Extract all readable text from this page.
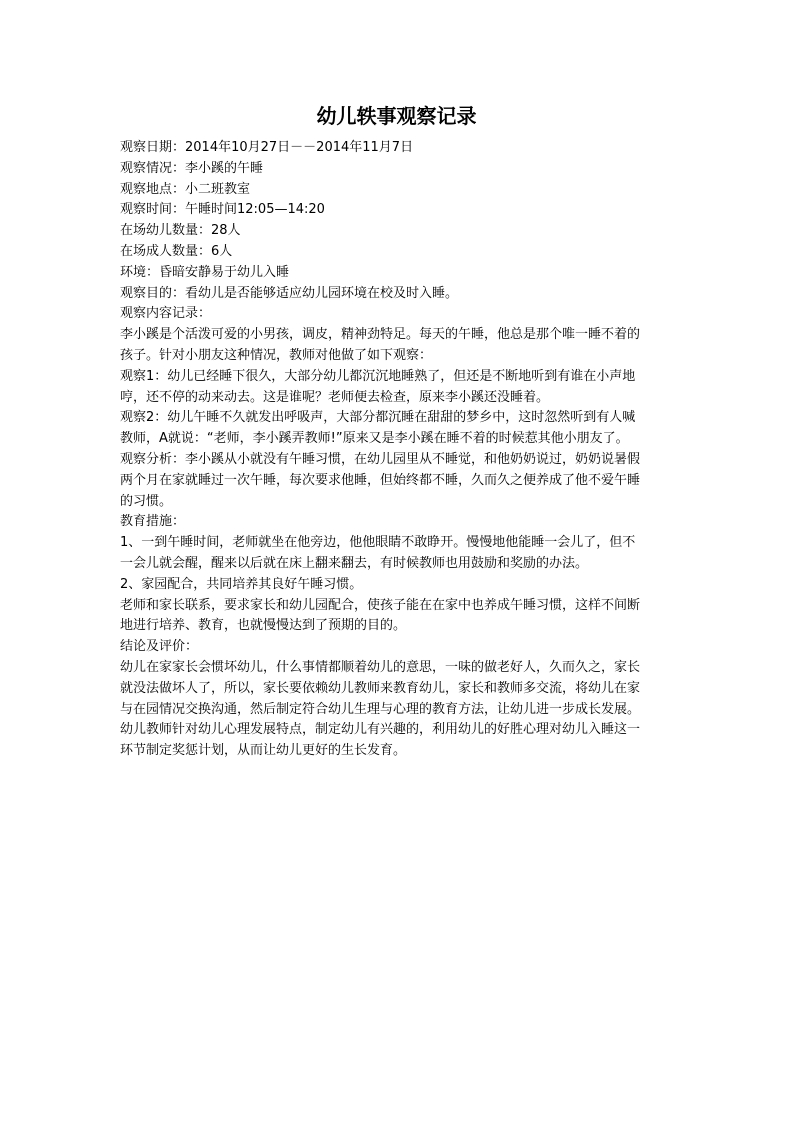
幼儿轶事观察记录

观察日期：2014年10月27日－－2014年11月7日

观察情况：李小蹊的午睡

观察地点：小二班教室

观察时间：午睡时间12:05—14:20

在场幼儿数量：28人

在场成人数量：6人

环境：昏暗安静易于幼儿入睡

观察目的：看幼儿是否能够适应幼儿园环境在校及时入睡。

观察内容记录：

李小蹊是个活泼可爱的小男孩，调皮，精神劲特足。每天的午睡，他总是那个唯一睡不着的

孩子。针对小朋友这种情况，教师对他做了如下观察：

观察1：幼儿已经睡下很久，大部分幼儿都沉沉地睡熟了，但还是不断地听到有谁在小声地

哼，还不停的动来动去。这是谁呢？老师便去检查，原来李小蹊还没睡着。

观察2：幼儿午睡不久就发出呼吸声，大部分都沉睡在甜甜的梦乡中，这时忽然听到有人喊

教师，A就说：“老师，李小蹊弄教师!”原来又是李小蹊在睡不着的时候惹其他小朋友了。

观察分析：李小蹊从小就没有午睡习惯，在幼儿园里从不睡觉，和他奶奶说过，奶奶说暑假

两个月在家就睡过一次午睡，每次要求他睡，但始终都不睡，久而久之便养成了他不爱午睡

的习惯。

教育措施：

1、一到午睡时间，老师就坐在他旁边，他他眼睛不敢睁开。慢慢地他能睡一会儿了，但不

一会儿就会醒，醒来以后就在床上翻来翻去，有时候教师也用鼓励和奖励的办法。

2、家园配合，共同培养其良好午睡习惯。

老师和家长联系，要求家长和幼儿园配合，使孩子能在在家中也养成午睡习惯，这样不间断

地进行培养、教育，也就慢慢达到了预期的目的。

结论及评价：

幼儿在家家长会惯坏幼儿，什么事情都顺着幼儿的意思，一味的做老好人，久而久之，家长

就没法做坏人了，所以，家长要依赖幼儿教师来教育幼儿，家长和教师多交流，将幼儿在家

与在园情况交换沟通，然后制定符合幼儿生理与心理的教育方法，让幼儿进一步成长发展。

幼儿教师针对幼儿心理发展特点，制定幼儿有兴趣的，利用幼儿的好胜心理对幼儿入睡这一

环节制定奖惩计划，从而让幼儿更好的生长发育。
